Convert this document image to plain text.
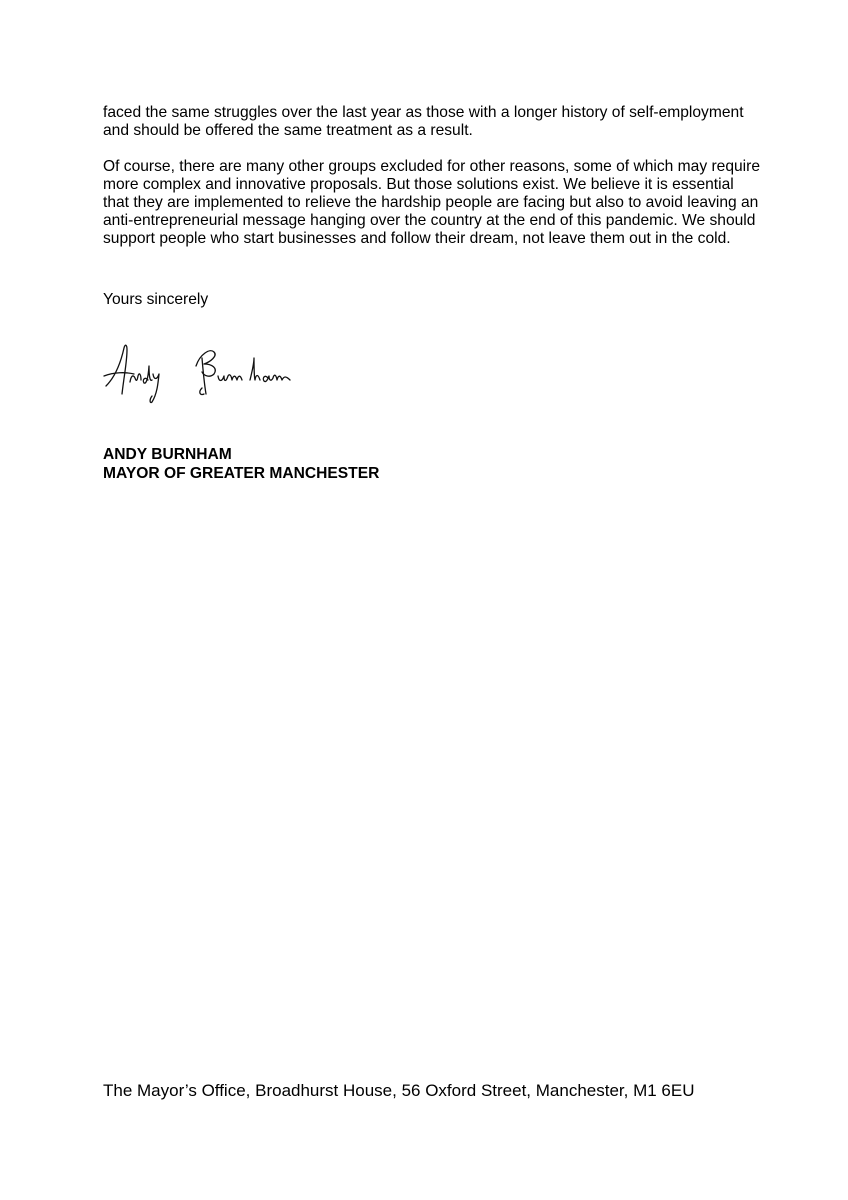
faced the same struggles over the last year as those with a longer history of self-employment and should be offered the same treatment as a result.

Of course, there are many other groups excluded for other reasons, some of which may require more complex and innovative proposals. But those solutions exist. We believe it is essential that they are implemented to relieve the hardship people are facing but also to avoid leaving an anti-entrepreneurial message hanging over the country at the end of this pandemic. We should support people who start businesses and follow their dream, not leave them out in the cold.

Yours sincerely

ANDY BURNHAM

MAYOR OF GREATER MANCHESTER

The Mayor’s Office, Broadhurst House, 56 Oxford Street, Manchester, M1 6EU
